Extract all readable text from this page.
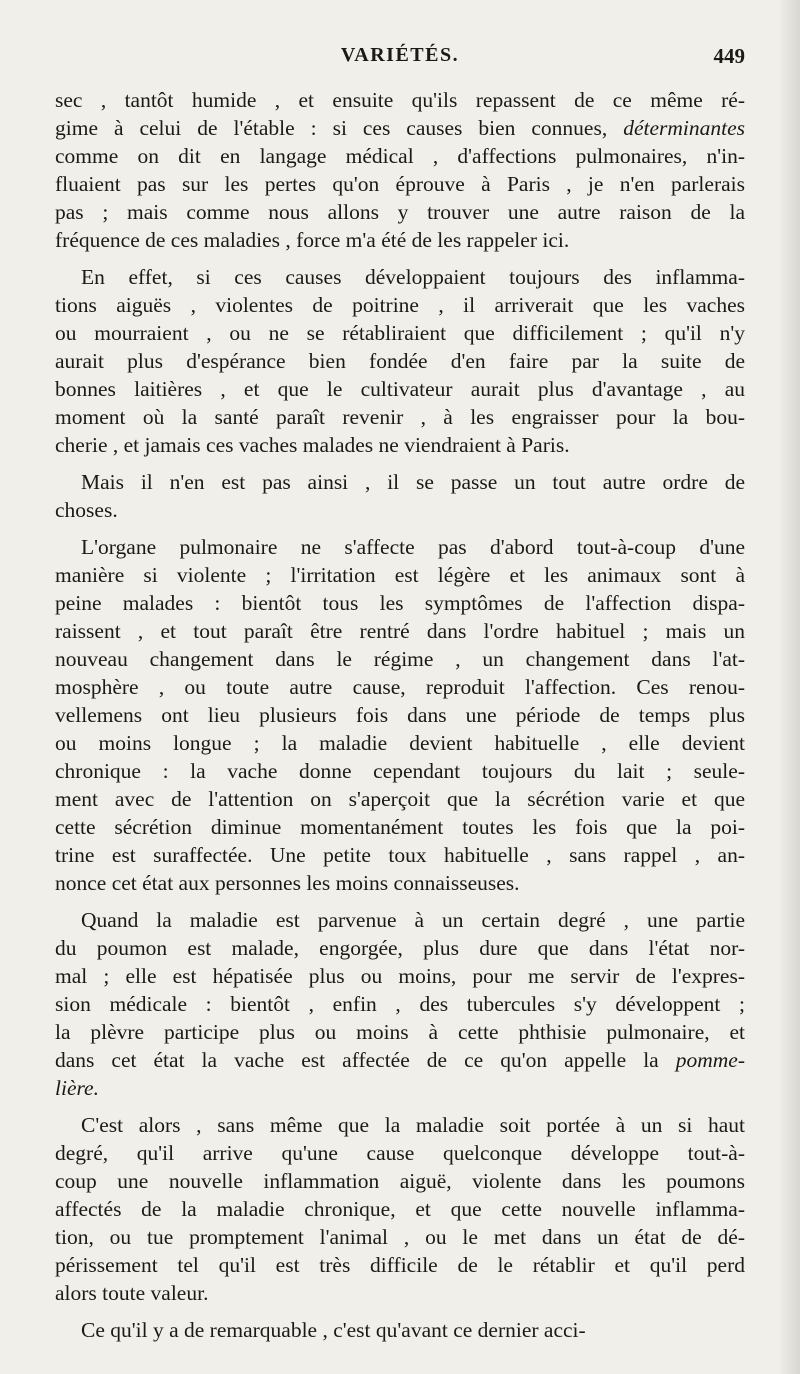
VARIÉTÉS.	449
sec , tantôt humide , et ensuite qu'ils repassent de ce même ré-
gime à celui de l'étable : si ces causes bien connues, déterminantes
comme on dit en langage médical , d'affections pulmonaires, n'in-
fluaient pas sur les pertes qu'on éprouve à Paris , je n'en parlerais
pas ; mais comme nous allons y trouver une autre raison de la
fréquence de ces maladies , force m'a été de les rappeler ici.
En effet, si ces causes développaient toujours des inflamma-
tions aiguës , violentes de poitrine , il arriverait que les vaches
ou mourraient , ou ne se rétabliraient que difficilement ; qu'il n'y
aurait plus d'espérance bien fondée d'en faire par la suite de
bonnes laitières , et que le cultivateur aurait plus d'avantage , au
moment où la santé paraît revenir , à les engraisser pour la bou-
cherie , et jamais ces vaches malades ne viendraient à Paris.
Mais il n'en est pas ainsi , il se passe un tout autre ordre de
choses.
L'organe pulmonaire ne s'affecte pas d'abord tout-à-coup d'une
manière si violente ; l'irritation est légère et les animaux sont à
peine malades : bientôt tous les symptômes de l'affection dispa-
raissent , et tout paraît être rentré dans l'ordre habituel ; mais un
nouveau changement dans le régime , un changement dans l'at-
mosphère , ou toute autre cause, reproduit l'affection. Ces renou-
vellemens ont lieu plusieurs fois dans une période de temps plus
ou moins longue ; la maladie devient habituelle , elle devient
chronique : la vache donne cependant toujours du lait ; seule-
ment avec de l'attention on s'aperçoit que la sécrétion varie et que
cette sécrétion diminue momentanément toutes les fois que la poi-
trine est suraffectée. Une petite toux habituelle , sans rappel , an-
nonce cet état aux personnes les moins connaisseuses.
Quand la maladie est parvenue à un certain degré , une partie
du poumon est malade, engorgée, plus dure que dans l'état nor-
mal ; elle est hépatisée plus ou moins, pour me servir de l'expres-
sion médicale : bientôt , enfin , des tubercules s'y développent ;
la plèvre participe plus ou moins à cette phthisie pulmonaire, et
dans cet état la vache est affectée de ce qu'on appelle la pomme-
lière.
C'est alors , sans même que la maladie soit portée à un si haut
degré, qu'il arrive qu'une cause quelconque développe tout-à-
coup une nouvelle inflammation aiguë, violente dans les poumons
affectés de la maladie chronique, et que cette nouvelle inflamma-
tion, ou tue promptement l'animal , ou le met dans un état de dé-
périssement tel qu'il est très difficile de le rétablir et qu'il perd
alors toute valeur.
Ce qu'il y a de remarquable , c'est qu'avant ce dernier acci-
